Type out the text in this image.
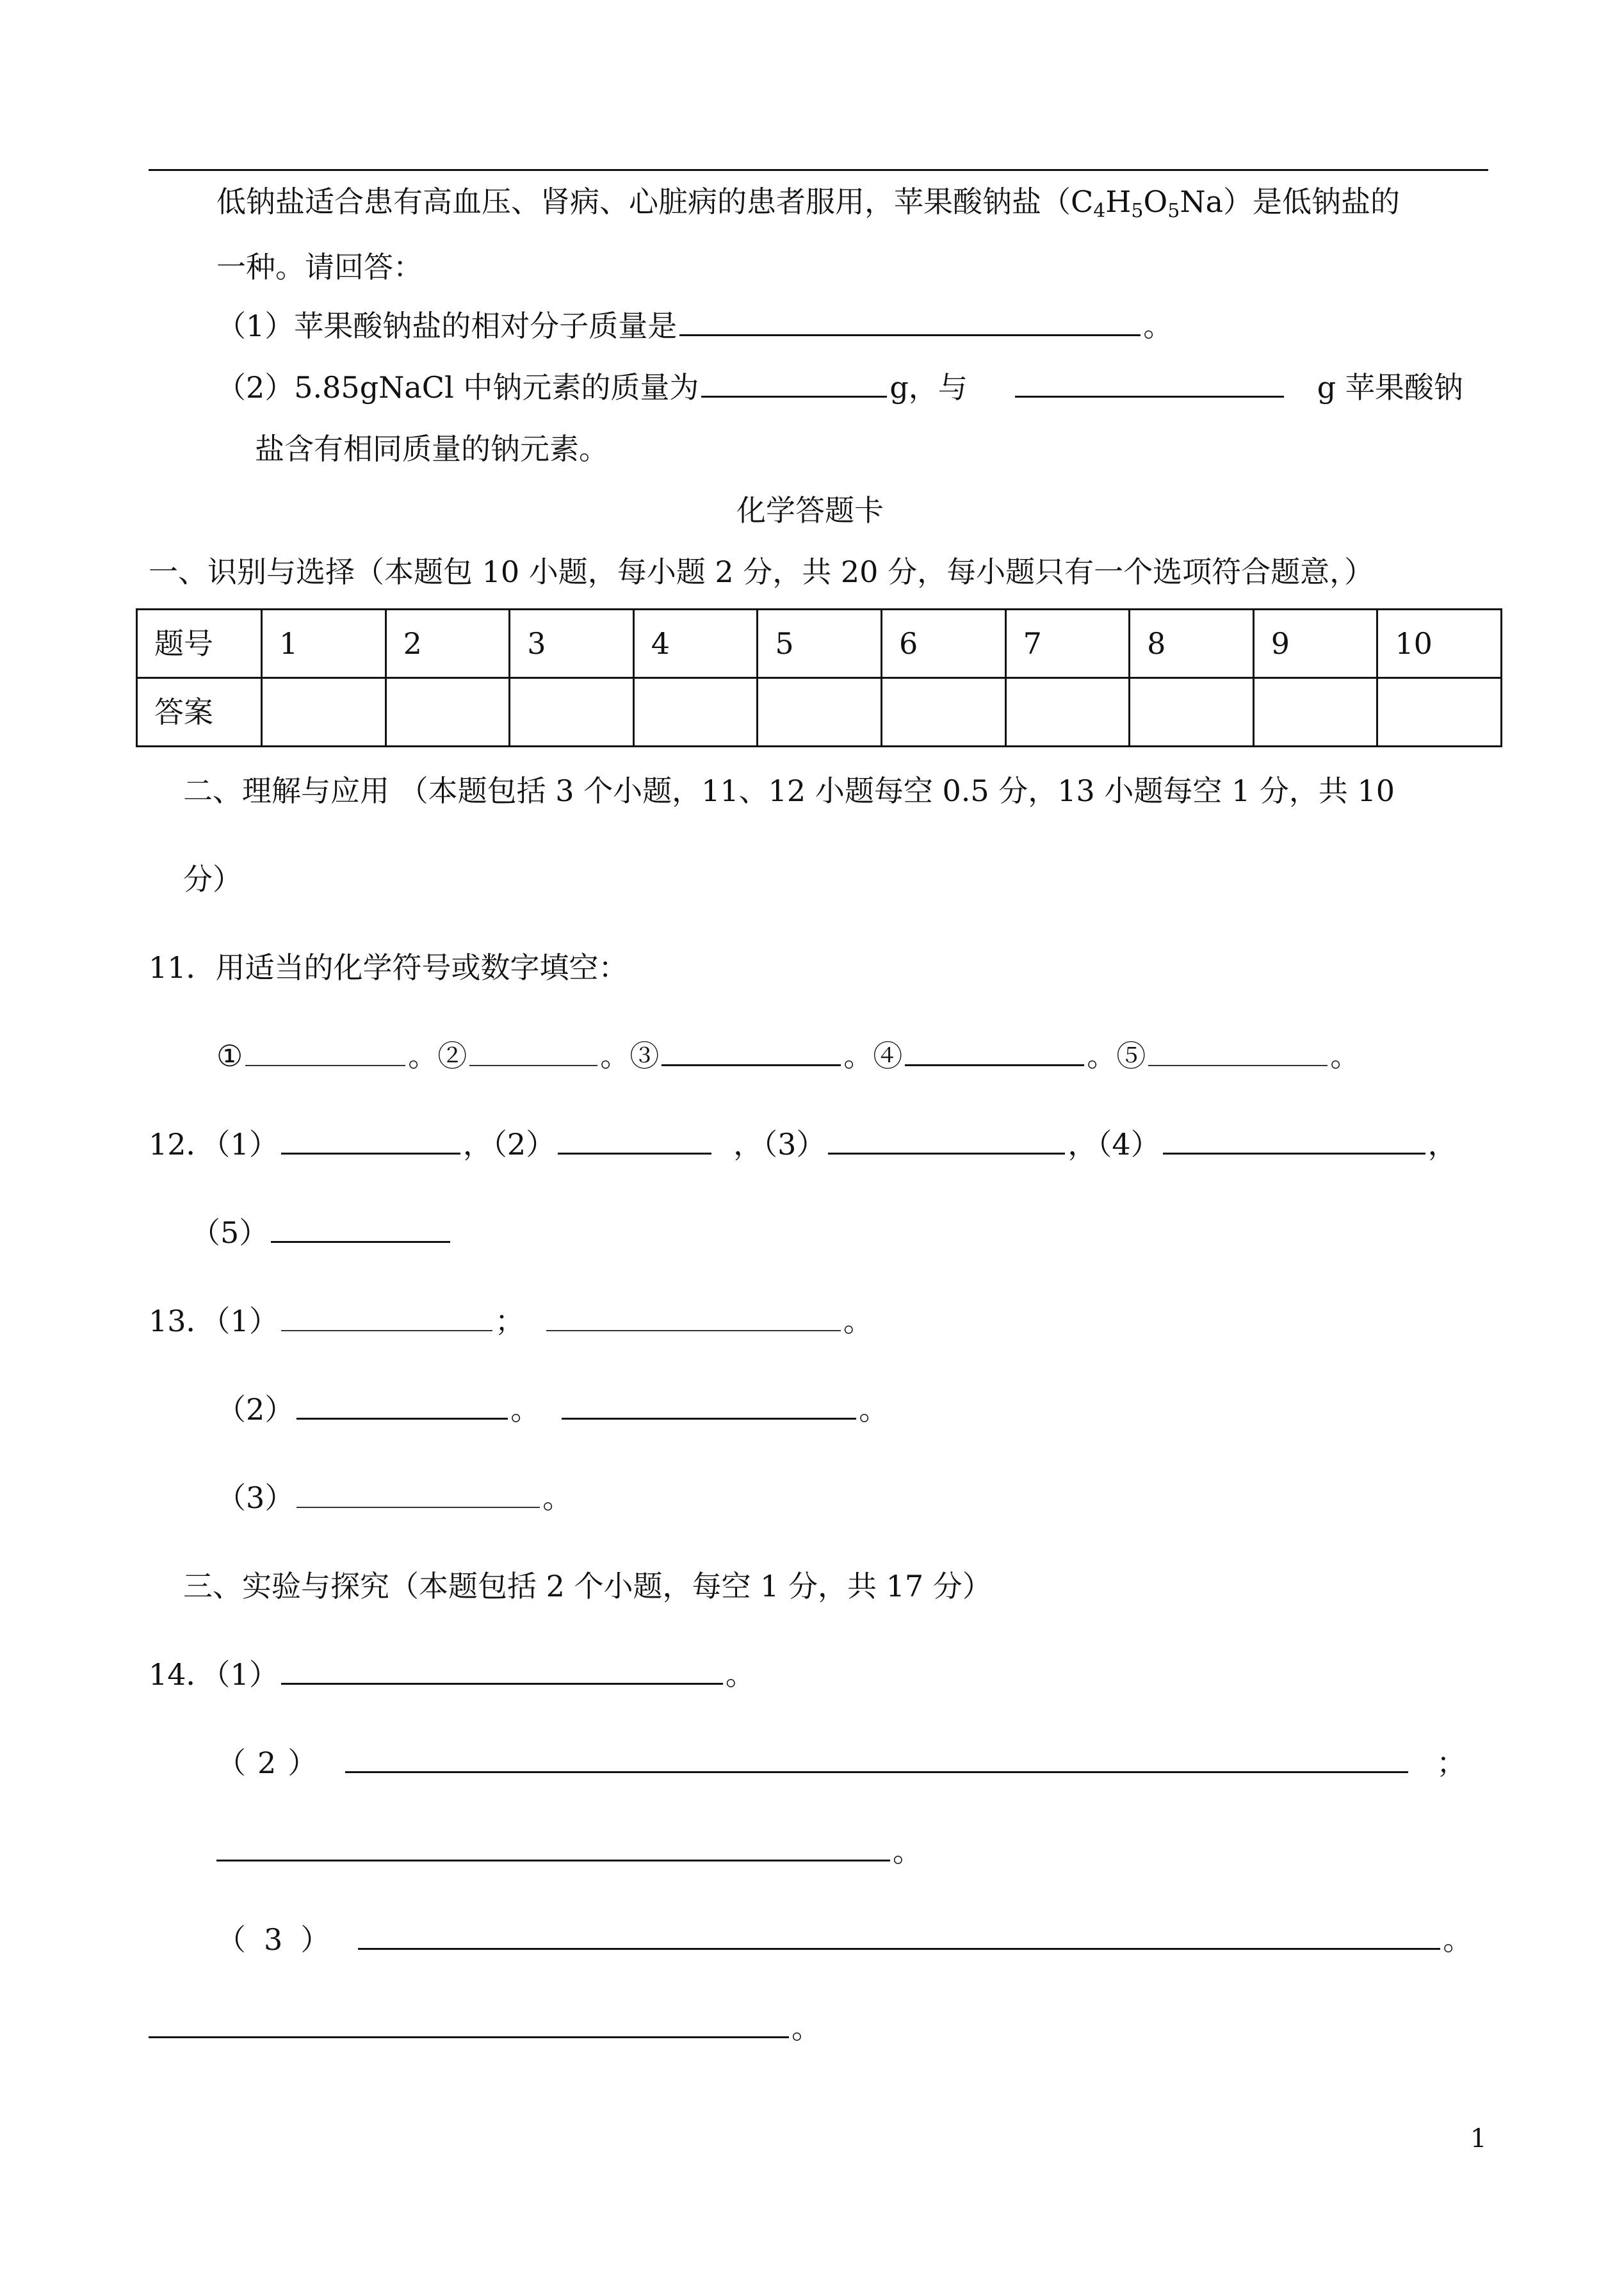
低钠盐适合患有高血压、肾病、心脏病的患者服用，苹果酸钠盐$(C_4H_5O_5Na)$是低钠盐的
一种。请回答：
（1）苹果酸钠盐的相对分子质量是	。
（2）5.85gNaCl 中钠元素的质量为	g，与	g 苹果酸钠
盐含有相同质量的钠元素。
化学答题卡
一、识别与选择（本题包 10 小题，每小题 2 分，共 20 分，每小题只有一个选项符合题意，）
题号	1	2	3	4	5	6	7	8	9	10
答案										
二、理解与应用 （本题包括 3 个小题，11、12 小题每空 0.5 分，13 小题每空 1 分，共 10
分）
11．用适当的化学符号或数字填空：
①	。②	。③	。④	。⑤	。
12．（1）	，（2）	，（3）	，（4）	，
（5）
13．（1）	；	。
（2）	。	。
（3）	。
三、实验与探究（本题包括 2 个小题，每空 1 分，共 17 分）
14．（1）	。
（ 2 ）	；
。
（ 3 ）	。
。
1
